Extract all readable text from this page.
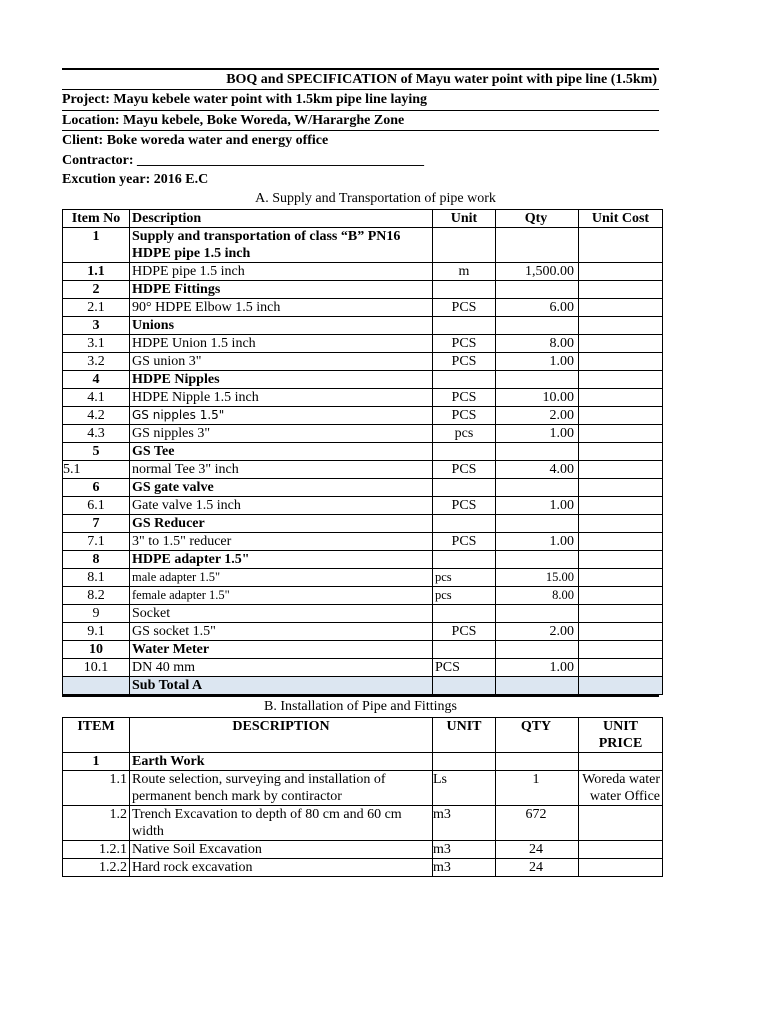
BOQ and SPECIFICATION of Mayu water point with pipe line (1.5km)
Project: Mayu kebele water point with 1.5km pipe line laying
Location: Mayu kebele, Boke Woreda, W/Hararghe Zone
Client: Boke woreda water and energy office
Contractor: _________________________________________
Excution year: 2016 E.C
A. Supply and Transportation of pipe work
Item No	Description	Unit	Qty	Unit Cost
1	Supply and transportation of class “B” PN16 HDPE pipe 1.5 inch			
1.1	HDPE pipe 1.5 inch	m	1,500.00	
2	HDPE Fittings			
2.1	90° HDPE Elbow 1.5 inch	PCS	6.00	
3	Unions			
3.1	HDPE Union 1.5 inch	PCS	8.00	
3.2	GS union 3"	PCS	1.00	
4	HDPE Nipples			
4.1	HDPE Nipple 1.5 inch	PCS	10.00	
4.2	GS nipples 1.5"	PCS	2.00	
4.3	GS nipples 3"	pcs	1.00	
5	GS Tee			
5.1	normal Tee 3" inch	PCS	4.00	
6	GS gate valve			
6.1	Gate valve 1.5 inch	PCS	1.00	
7	GS Reducer			
7.1	3" to 1.5" reducer	PCS	1.00	
8	HDPE adapter 1.5"			
8.1	male adapter 1.5"	pcs	15.00	
8.2	female adapter 1.5"	pcs	8.00	
9	Socket			
9.1	GS socket 1.5"	PCS	2.00	
10	Water Meter			
10.1	DN 40 mm	PCS	1.00	
	Sub Total A			
B. Installation of Pipe and Fittings
ITEM	DESCRIPTION	UNIT	QTY	UNIT PRICE
1	Earth Work			
1.1	Route selection, surveying and installation of permanent bench mark by contiractor	Ls	1	Woreda water water Office
1.2	Trench Excavation to depth of 80 cm and 60 cm width	m3	672	
1.2.1	Native Soil Excavation	m3	24	
1.2.2	Hard rock excavation	m3	24	
